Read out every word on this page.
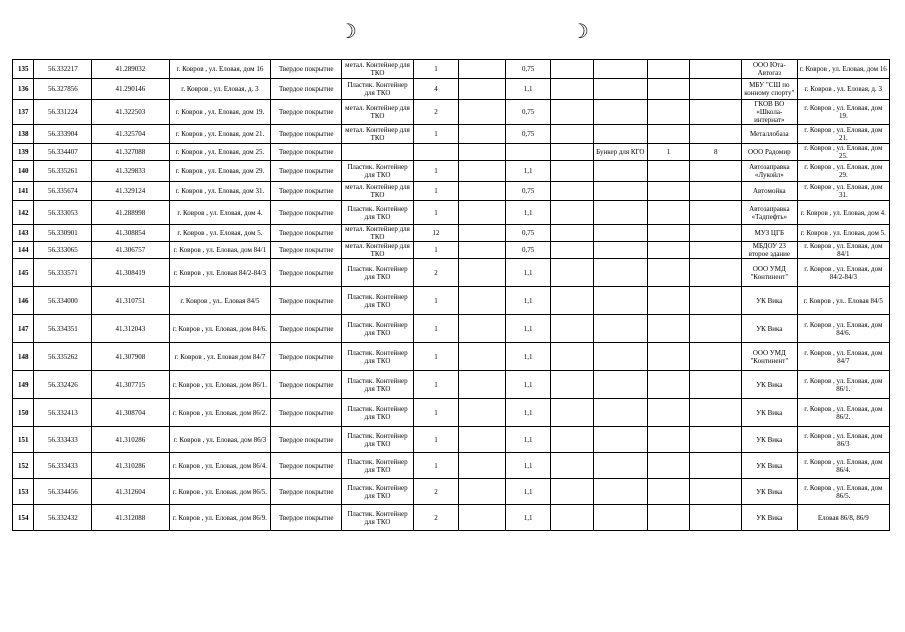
☽	☽
135	56.332217	41.289032	г. Ковров , ул. Еловая, дом 16	Твердое покрытие	метал. Контейнер для ТКО	1		0,75					ООО Юта-Автогаз	г. Ковров , ул. Еловая, дом 16
136	56.327856	41.290146	г. Ковров , ул. Еловая, д. 3	Твердое покрытие	Пластик. Контейнер для ТКО	4		1,1					МБУ "СШ по конному спорту"	г. Ковров , ул. Еловая, д. 3
137	56.331224	41.322503	г. Ковров , ул. Еловая, дом 19.	Твердое покрытие	метал. Контейнер для ТКО	2		0,75					ГКОВ ВО «Школа-интернат»	г. Ковров , ул. Еловая, дом 19.
138	56.333904	41.325704	г. Ковров , ул. Еловая, дом 21.	Твердое покрытие	метал. Контейнер для ТКО	1		0,75					Металлобаза	г. Ковров , ул. Еловая, дом 21.
139	56.334407	41.327088	г. Ковров , ул. Еловая, дом 25.	Твердое покрытие						Бункер для КГО	1	8	ООО Радомир	г. Ковров , ул. Еловая, дом 25.
140	56.335261	41.329833	г. Ковров , ул. Еловая, дом 29.	Твердое покрытие	Пластик. Контейнер для ТКО	1		1,1					Автозаправка «Лукойл»	г. Ковров , ул. Еловая, дом 29.
141	56.335674	41.329124	г. Ковров , ул. Еловая, дом 31.	Твердое покрытие	метал. Контейнер для ТКО	1		0,75					Автомойка	г. Ковров , ул. Еловая, дом 31.
142	56.333053	41.288998	г. Ковров , ул. Еловая, дом 4.	Твердое покрытие	Пластик. Контейнер для ТКО	1		1,1					Автозаправка «Тадпефть»	г. Ковров , ул. Еловая, дом 4.
143	56.330901	41.308854	г. Ковров , ул. Еловая, дом 5.	Твердое покрытие	метал. Контейнер для ТКО	12		0,75					МУЗ ЦГБ	г. Ковров , ул. Еловая, дом 5.
144	56.333065	41.306757	г. Ковров , ул. Еловая, дом 84/1	Твердое покрытие	метал. Контейнер для ТКО	1		0,75					МБДОУ 23 второе здание	г. Ковров , ул. Еловая, дом 84/1
145	56.333571	41.308419	г. Ковров , ул. Еловая 84/2-84/3	Твердое покрытие	Пластик. Контейнер для ТКО	2		1,1					ООО УМД "Континент"	г. Ковров , ул. Еловая, дом 84/2-84/3
146	56.334000	41.310751	г. Ковров , ул.. Еловая 84/5	Твердое покрытие	Пластик. Контейнер для ТКО	1		1,1					УК Вика	г. Ковров , ул.. Еловая 84/5
147	56.334351	41.312043	г. Ковров , ул. Еловая, дом 84/6.	Твердое покрытие	Пластик. Контейнер для ТКО	1		1,1					УК Вика	г. Ковров , ул. Еловая, дом 84/6.
148	56.335262	41.307908	г. Ковров , ул. Еловая дом 84/7	Твердое покрытие	Пластик. Контейнер для ТКО	1		1,1					ООО УМД "Континент"	г. Ковров , ул. Еловая, дом 84/7
149	56.332426	41.307715	г. Ковров , ул. Еловая, дом 86/1.	Твердое покрытие	Пластик. Контейнер для ТКО	1		1,1					УК Вика	г. Ковров , ул. Еловая, дом 86/1.
150	56.332413	41.308704	г. Ковров , ул. Еловая, дом 86/2.	Твердое покрытие	Пластик. Контейнер для ТКО	1		1,1					УК Вика	г. Ковров , ул. Еловая, дом 86/2.
151	56.333433	41.310286	г. Ковров , ул. Еловая, дом 86/3	Твердое покрытие	Пластик. Контейнер для ТКО	1		1,1					УК Вика	г. Ковров , ул. Еловая, дом 86/3
152	56.333433	41.310286	г. Ковров , ул. Еловая, дом 86/4.	Твердое покрытие	Пластик. Контейнер для ТКО	1		1,1					УК Вика	г. Ковров , ул. Еловая, дом 86/4.
153	56.334456	41.312604	г. Ковров , ул. Еловая, дом 86/5.	Твердое покрытие	Пластик. Контейнер для ТКО	2		1,1					УК Вика	г. Ковров , ул. Еловая, дом 86/5.
154	56.332432	41.312088	г. Ковров , ул. Еловая, дом 86/9.	Твердое покрытие	Пластик. Контейнер для ТКО	2		1,1					УК Вика	Еловая 86/8, 86/9
